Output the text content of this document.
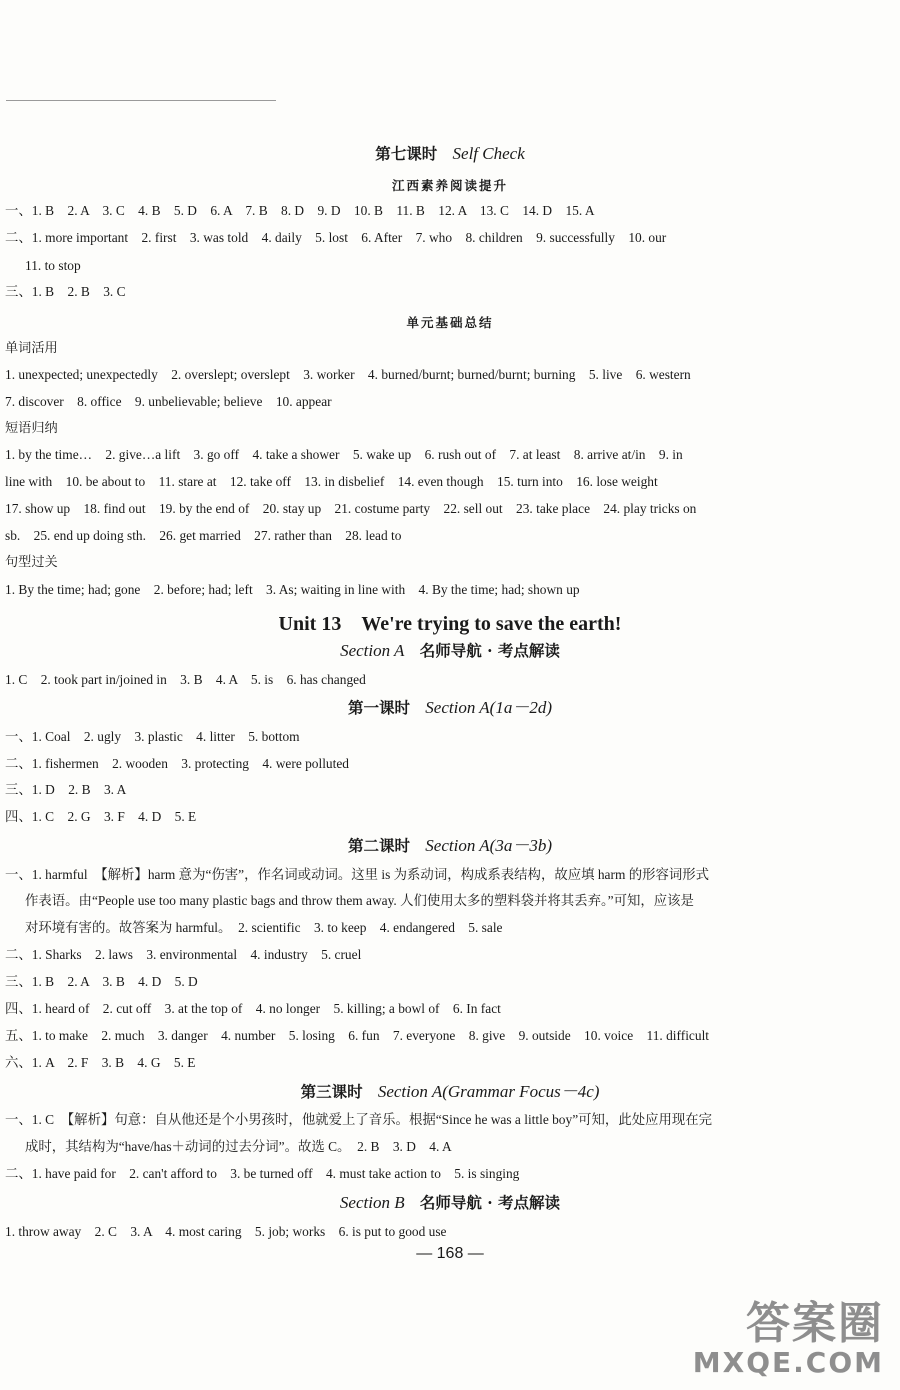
第七课时 Self Check
江西素养阅读提升
一、1. B　2. A　3. C　4. B　5. D　6. A　7. B　8. D　9. D　10. B　11. B　12. A　13. C　14. D　15. A
二、1. more important　2. first　3. was told　4. daily　5. lost　6. After　7. who　8. children　9. successfully　10. our
11. to stop
三、1. B　2. B　3. C
单元基础总结
单词活用
1. unexpected; unexpectedly　2. overslept; overslept　3. worker　4. burned/burnt; burned/burnt; burning　5. live　6. western
7. discover　8. office　9. unbelievable; believe　10. appear
短语归纳
1. by the time…　2. give…a lift　3. go off　4. take a shower　5. wake up　6. rush out of　7. at least　8. arrive at/in　9. in
line with　10. be about to　11. stare at　12. take off　13. in disbelief　14. even though　15. turn into　16. lose weight
17. show up　18. find out　19. by the end of　20. stay up　21. costume party　22. sell out　23. take place　24. play tricks on
sb.　25. end up doing sth.　26. get married　27. rather than　28. lead to
句型过关
1. By the time; had; gone　2. before; had; left　3. As; waiting in line with　4. By the time; had; shown up
Unit 13　We're trying to save the earth!
Section A 名师导航 · 考点解读
1. C　2. took part in/joined in　3. B　4. A　5. is　6. has changed
第一课时 Section A(1a－2d)
一、1. Coal　2. ugly　3. plastic　4. litter　5. bottom
二、1. fishermen　2. wooden　3. protecting　4. were polluted
三、1. D　2. B　3. A
四、1. C　2. G　3. F　4. D　5. E
第二课时 Section A(3a－3b)
一、1. harmful　【解析】harm 意为“伤害”，作名词或动词。这里 is 为系动词，构成系表结构，故应填 harm 的形容词形式
作表语。由“People use too many plastic bags and throw them away. 人们使用太多的塑料袋并将其丢弃。”可知，应该是
对环境有害的。故答案为 harmful。　2. scientific　3. to keep　4. endangered　5. sale
二、1. Sharks　2. laws　3. environmental　4. industry　5. cruel
三、1. B　2. A　3. B　4. D　5. D
四、1. heard of　2. cut off　3. at the top of　4. no longer　5. killing; a bowl of　6. In fact
五、1. to make　2. much　3. danger　4. number　5. losing　6. fun　7. everyone　8. give　9. outside　10. voice　11. difficult
六、1. A　2. F　3. B　4. G　5. E
第三课时 Section A(Grammar Focus－4c)
一、1. C　【解析】句意：自从他还是个小男孩时，他就爱上了音乐。根据“Since he was a little boy”可知，此处应用现在完
成时，其结构为“have/has＋动词的过去分词”。故选 C。　2. B　3. D　4. A
二、1. have paid for　2. can't afford to　3. be turned off　4. must take action to　5. is singing
Section B 名师导航 · 考点解读
1. throw away　2. C　3. A　4. most caring　5. job; works　6. is put to good use
— 168 —
答案圈
MXQE.COM
